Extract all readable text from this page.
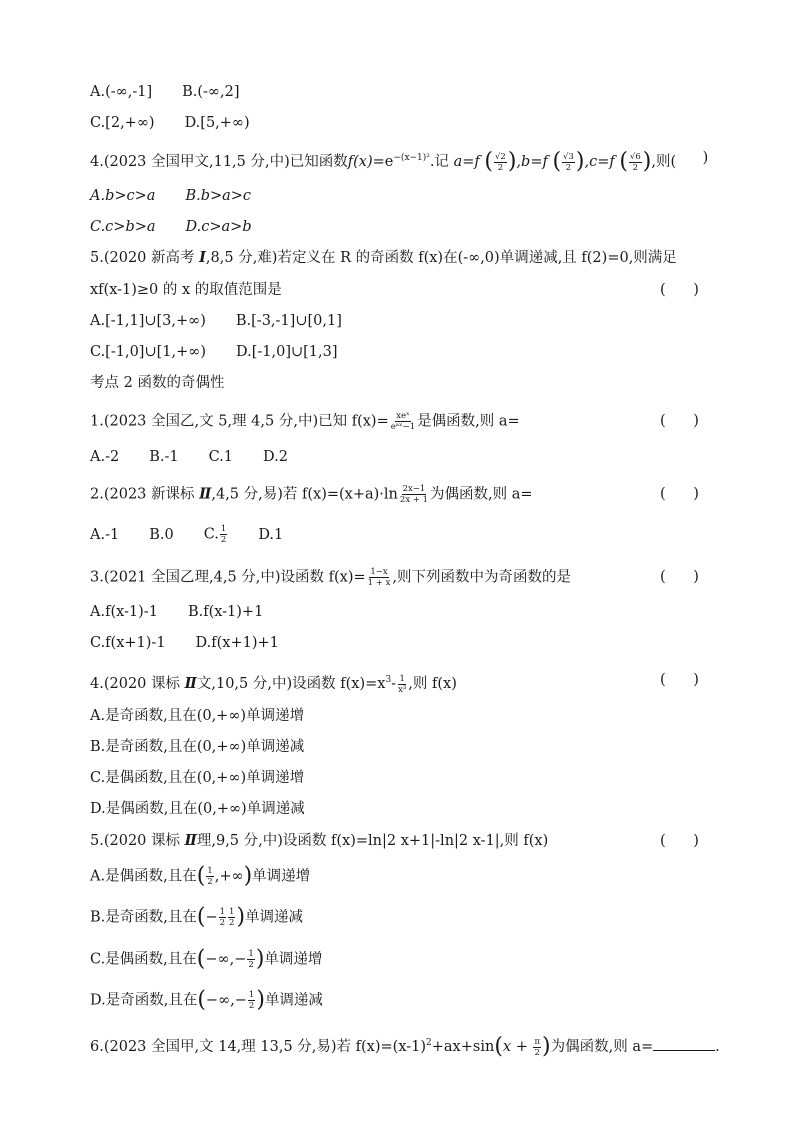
A.(-∞,-1] B.(-∞,2]
C.[2,+∞) D.[5,+∞)
4.(2023 全国甲文,11,5 分,中)已知函数$f(x)=e^{-(x-1)^2}$.记 a=f ( $\frac{√2}{2} ),b=f$ ( $\frac{√3}{2} ),c=f$ ( $\frac{√6}{2}$ ),则(
)
A.b>c>a B.b>a>c
C.c>b>a D.c>a>b
5.(2020 新高考 Ⅰ,8,5 分,难)若定义在 R 的奇函数 f(x)在(-∞,0)单调递减,且 f(2)=0,则满足
xf(x-1)≥0 的 x 的取值范围是	(      )
A.[-1,1]∪[3,+∞) B.[-3,-1]∪[0,1]
C.[-1,0]∪[1,+∞) D.[-1,0]∪[1,3]
考点 2 函数的奇偶性
1.(2023 全国乙,文 5,理 4,5 分,中)已知 $f(x)= \frac{\text{xeˣ}}{\text{eᵃˣ−1}}$ 是偶函数,则 a=	(      )
A.-2 B.-1 C.1 D.2
2.(2023 新课标 Ⅱ,4,5 分,易)若 $f(x)=(x+a)\cdot\ln \frac{2x-1}{2x + 1}$ 为偶函数,则 a=	(      )
A.-1 B.0 C. $\frac{1}{2} D.1$
3.(2021 全国乙理,4,5 分,中)设函数 $f(x)= \frac{1-x}{1 + x}$ ,则下列函数中为奇函数的是	(      )
A.f(x-1)-1 B.f(x-1)+1
C.f(x+1)-1 D.f(x+1)+1
4.(2020 课标 Ⅱ文,10,5 分,中)设函数 $f(x)=x^3- \frac{1}{\text{x³}}$ ,则 f(x)	(      )
A.是奇函数,且在(0,+∞)单调递增
B.是奇函数,且在(0,+∞)单调递减
C.是偶函数,且在(0,+∞)单调递增
D.是偶函数,且在(0,+∞)单调递减
5.(2020 课标 Ⅱ理,9,5 分,中)设函数 f(x)=ln|2 x+1|-ln|2 x-1|,则 f(x)	(      )
A.是偶函数,且在( $\frac{1}{2}$ ,+∞)单调递增
B.是奇函数,且在(− $\frac{1}{2} \frac{1}{2}$ )单调递减
C.是偶函数,且在(−∞,− $\frac{1}{2}$ )单调递增
D.是奇函数,且在(−∞,− $\frac{1}{2}$ )单调递减
6.(2023 全国甲,文 14,理 13,5 分,易)若 $f(x)=(x-1)^2+ax+\sin(x + \frac{\pi}{2}$ )为偶函数,则 a=	.
